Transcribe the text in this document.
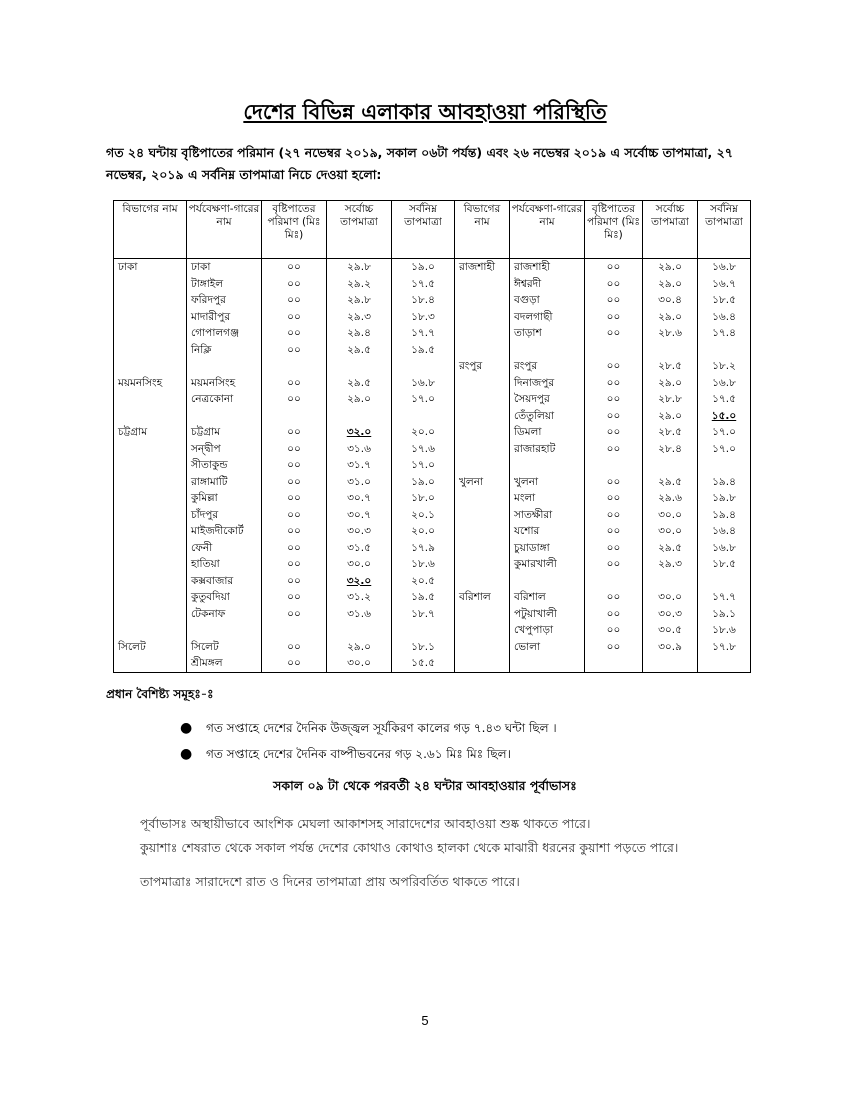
দেশের বিভিন্ন এলাকার আবহাওয়া পরিস্থিতি
গত ২৪ ঘন্টায় বৃষ্টিপাতের পরিমান (২৭ নভেম্বর ২০১৯, সকাল ০৬টা পর্যন্ত) এবং ২৬ নভেম্বর ২০১৯ এ সর্বোচ্চ তাপমাত্রা, ২৭ নভেম্বর, ২০১৯ এ সর্বনিম্ন তাপমাত্রা নিচে দেওয়া হলো:
বিভাগের নাম	পর্যবেক্ষণা-গারের নাম	বৃষ্টিপাতের পরিমাণ (মিঃ মিঃ)	সর্বোচ্চ তাপমাত্রা	সর্বনিম্ন তাপমাত্রা	বিভাগের নাম	পর্যবেক্ষণা-গারের নাম	বৃষ্টিপাতের পরিমাণ (মিঃ মিঃ)	সর্বোচ্চ তাপমাত্রা	সর্বনিম্ন তাপমাত্রা
ঢাকা	ঢাকা	০০	২৯.৮	১৯.০	রাজশাহী	রাজশাহী	০০	২৯.০	১৬.৮
	টাঙ্গাইল	০০	২৯.২	১৭.৫		ঈশ্বরদী	০০	২৯.০	১৬.৭
	ফরিদপুর	০০	২৯.৮	১৮.৪		বগুড়া	০০	৩০.৪	১৮.৫
	মাদারীপুর	০০	২৯.৩	১৮.৩		বদলগাছী	০০	২৯.০	১৬.৪
	গোপালগঞ্জ	০০	২৯.৪	১৭.৭		তাড়াশ	০০	২৮.৬	১৭.৪
	নিক্লি	০০	২৯.৫	১৯.৫					
					রংপুর	রংপুর	০০	২৮.৫	১৮.২
ময়মনসিংহ	ময়মনসিংহ	০০	২৯.৫	১৬.৮		দিনাজপুর	০০	২৯.০	১৬.৮
	নেত্রকোনা	০০	২৯.০	১৭.০		সৈয়দপুর	০০	২৮.৮	১৭.৫
						তেঁতুলিয়া	০০	২৯.০	১৫.০
চট্টগ্রাম	চট্টগ্রাম	০০	৩২.০	২০.০		ডিমলা	০০	২৮.৫	১৭.০
	সন্দ্বীপ	০০	৩১.৬	১৭.৬		রাজারহাট	০০	২৮.৪	১৭.০
	সীতাকুন্ড	০০	৩১.৭	১৭.০					
	রাঙ্গামাটি	০০	৩১.০	১৯.০	খুলনা	খুলনা	০০	২৯.৫	১৯.৪
	কুমিল্লা	০০	৩০.৭	১৮.০		মংলা	০০	২৯.৬	১৯.৮
	চাঁদপুর	০০	৩০.৭	২০.১		সাতক্ষীরা	০০	৩০.০	১৯.৪
	মাইজদীকোর্ট	০০	৩০.৩	২০.০		যশোর	০০	৩০.০	১৬.৪
	ফেনী	০০	৩১.৫	১৭.৯		চুয়াডাঙ্গা	০০	২৯.৫	১৬.৮
	হাতিয়া	০০	৩০.০	১৮.৬		কুমারখালী	০০	২৯.৩	১৮.৫
	কক্সবাজার	০০	৩২.০	২০.৫					
	কুতুবদিয়া	০০	৩১.২	১৯.৫	বরিশাল	বরিশাল	০০	৩০.০	১৭.৭
	টেকনাফ	০০	৩১.৬	১৮.৭		পটুয়াখালী	০০	৩০.৩	১৯.১
						খেপুপাড়া	০০	৩০.৫	১৮.৬
সিলেট	সিলেট	০০	২৯.০	১৮.১		ভোলা	০০	৩০.৯	১৭.৮
	শ্রীমঙ্গল	০০	৩০.০	১৫.৫					
প্রধান বৈশিষ্ট্য সমূহঃ-ঃ
● গত সপ্তাহে দেশের দৈনিক উজ্জ্বল সূর্যকিরণ কালের গড় ৭.৪৩ ঘন্টা ছিল ।
● গত সপ্তাহে দেশের দৈনিক বাষ্পীভবনের গড় ২.৬১ মিঃ মিঃ ছিল।
সকাল ০৯ টা থেকে পরবর্তী ২৪ ঘন্টার আবহাওয়ার পূর্বাভাসঃ
পূর্বাভাসঃ অস্থায়ীভাবে আংশিক মেঘলা আকাশসহ সারাদেশের আবহাওয়া শুষ্ক থাকতে পারে।
কুয়াশাঃ শেষরাত থেকে সকাল পর্যন্ত দেশের কোথাও কোথাও হালকা থেকে মাঝারী ধরনের কুয়াশা পড়তে পারে।
তাপমাত্রাঃ সারাদেশে রাত ও দিনের তাপমাত্রা প্রায় অপরিবর্তিত থাকতে পারে।
5
